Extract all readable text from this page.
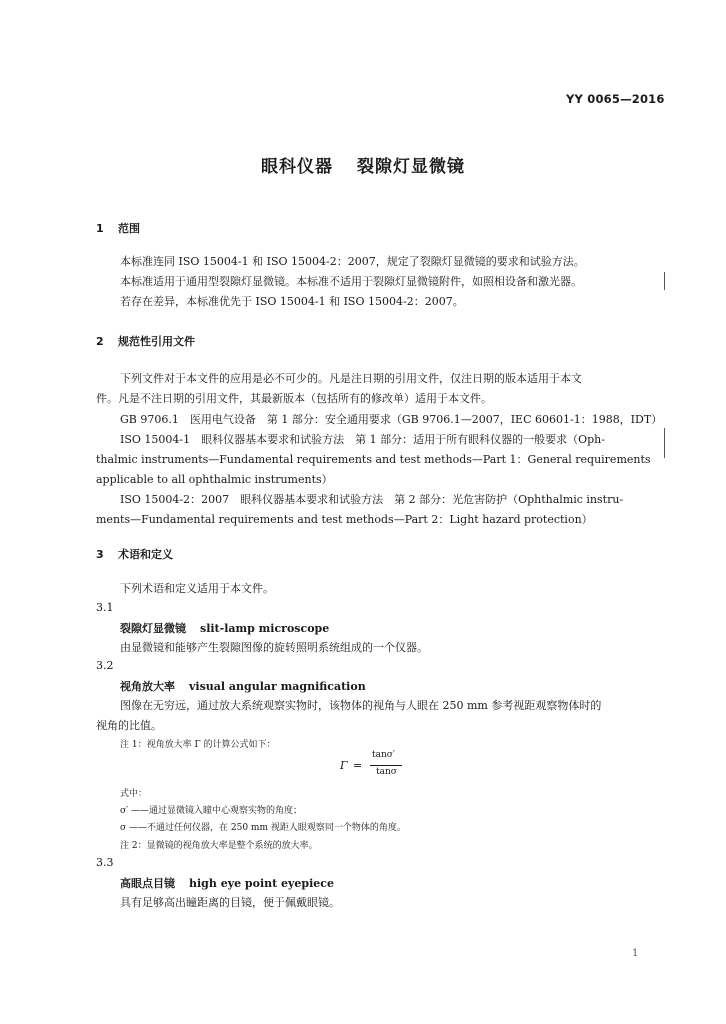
YY 0065—2016
眼科仪器 裂隙灯显微镜
1 范围
本标准连同 ISO 15004-1 和 ISO 15004-2：2007，规定了裂隙灯显微镜的要求和试验方法。
本标准适用于通用型裂隙灯显微镜。本标准不适用于裂隙灯显微镜附件，如照相设备和激光器。
若存在差异，本标准优先于 ISO 15004-1 和 ISO 15004-2：2007。
2 规范性引用文件
下列文件对于本文件的应用是必不可少的。凡是注日期的引用文件，仅注日期的版本适用于本文
件。凡是不注日期的引用文件，其最新版本（包括所有的修改单）适用于本文件。
GB 9706.1　医用电气设备　第 1 部分：安全通用要求（GB 9706.1—2007，IEC 60601-1：1988，IDT）
ISO 15004-1　眼科仪器基本要求和试验方法　第 1 部分：适用于所有眼科仪器的一般要求（Oph-
thalmic instruments—Fundamental requirements and test methods—Part 1：General requirements
applicable to all ophthalmic instruments）
ISO 15004-2：2007　眼科仪器基本要求和试验方法　第 2 部分：光危害防护（Ophthalmic instru-
ments—Fundamental requirements and test methods—Part 2：Light hazard protection）
3 术语和定义
下列术语和定义适用于本文件。
3.1
裂隙灯显微镜 slit-lamp microscope
由显微镜和能够产生裂隙图像的旋转照明系统组成的一个仪器。
3.2
视角放大率 visual angular magnification
图像在无穷远，通过放大系统观察实物时，该物体的视角与人眼在 250 mm 参考视距观察物体时的
视角的比值。
注 1：视角放大率 Γ 的计算公式如下：
Γ =
tanσ′
tanσ
式中：
σ′ ——通过显微镜入瞳中心观察实物的角度；
σ ——不通过任何仪器，在 250 mm 视距人眼观察同一个物体的角度。
注 2：显微镜的视角放大率是整个系统的放大率。
3.3
高眼点目镜 high eye point eyepiece
具有足够高出瞳距离的目镜，便于佩戴眼镜。
1
